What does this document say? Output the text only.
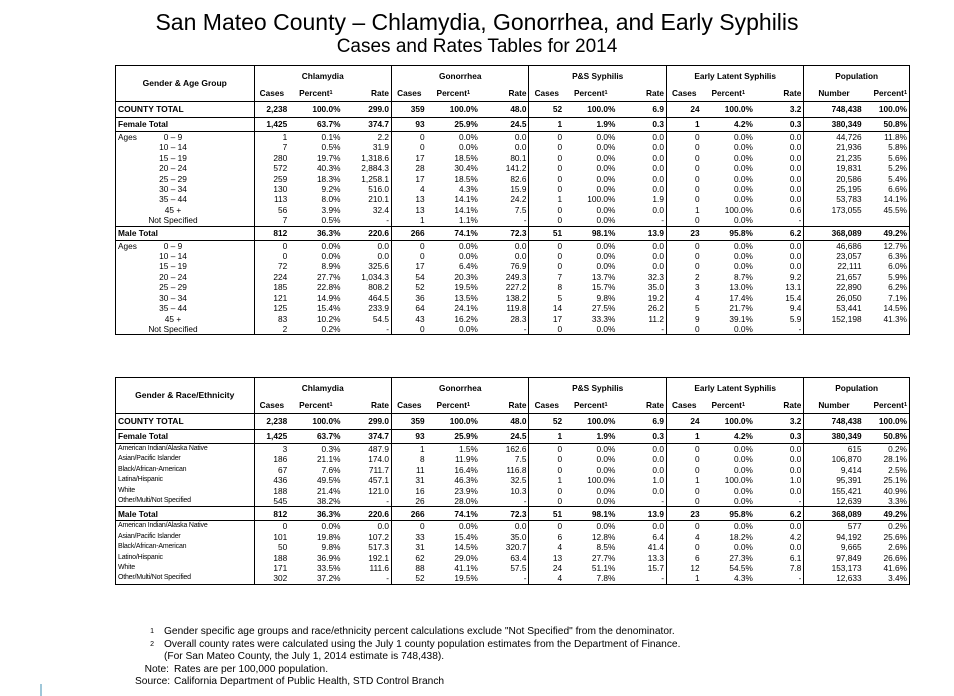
San Mateo County – Chlamydia, Gonorrhea, and Early Syphilis
Cases and Rates Tables for 2014
Gender & Age Group	Chlamydia			Gonorrhea			P&S Syphilis			Early Latent Syphilis			Population	
	Cases	Percent$^1$	Rate	Cases	Percent$^1$	Rate	Cases	Percent$^1$	Rate	Cases	Percent$^1$	Rate	Number	Percent$^1$
COUNTY TOTAL	2,238	100.0%	299.0	359	100.0%	48.0	52	100.0%	6.9	24	100.0%	3.2	748,438	100.0%
Female Total	1,425	63.7%	374.7	93	25.9%	24.5	1	1.9%	0.3	1	4.2%	0.3	380,349	50.8%
Ages 0 – 9	1	0.1%	2.2	0	0.0%	0.0	0	0.0%	0.0	0	0.0%	0.0	44,726	11.8%
10 – 14	7	0.5%	31.9	0	0.0%	0.0	0	0.0%	0.0	0	0.0%	0.0	21,936	5.8%
15 – 19	280	19.7%	1,318.6	17	18.5%	80.1	0	0.0%	0.0	0	0.0%	0.0	21,235	5.6%
20 – 24	572	40.3%	2,884.3	28	30.4%	141.2	0	0.0%	0.0	0	0.0%	0.0	19,831	5.2%
25 – 29	259	18.3%	1,258.1	17	18.5%	82.6	0	0.0%	0.0	0	0.0%	0.0	20,586	5.4%
30 – 34	130	9.2%	516.0	4	4.3%	15.9	0	0.0%	0.0	0	0.0%	0.0	25,195	6.6%
35 – 44	113	8.0%	210.1	13	14.1%	24.2	1	100.0%	1.9	0	0.0%	0.0	53,783	14.1%
45 +	56	3.9%	32.4	13	14.1%	7.5	0	0.0%	0.0	1	100.0%	0.6	173,055	45.5%
Not Specified	7	0.5%	-	1	1.1%	-	0	0.0%	-	0	0.0%	-		
Male Total	812	36.3%	220.6	266	74.1%	72.3	51	98.1%	13.9	23	95.8%	6.2	368,089	49.2%
Ages 0 – 9	0	0.0%	0.0	0	0.0%	0.0	0	0.0%	0.0	0	0.0%	0.0	46,686	12.7%
10 – 14	0	0.0%	0.0	0	0.0%	0.0	0	0.0%	0.0	0	0.0%	0.0	23,057	6.3%
15 – 19	72	8.9%	325.6	17	6.4%	76.9	0	0.0%	0.0	0	0.0%	0.0	22,111	6.0%
20 – 24	224	27.7%	1,034.3	54	20.3%	249.3	7	13.7%	32.3	2	8.7%	9.2	21,657	5.9%
25 – 29	185	22.8%	808.2	52	19.5%	227.2	8	15.7%	35.0	3	13.0%	13.1	22,890	6.2%
30 – 34	121	14.9%	464.5	36	13.5%	138.2	5	9.8%	19.2	4	17.4%	15.4	26,050	7.1%
35 – 44	125	15.4%	233.9	64	24.1%	119.8	14	27.5%	26.2	5	21.7%	9.4	53,441	14.5%
45 +	83	10.2%	54.5	43	16.2%	28.3	17	33.3%	11.2	9	39.1%	5.9	152,198	41.3%
Not Specified	2	0.2%	-	0	0.0%	-	0	0.0%	-	0	0.0%	-		
Gender & Race/Ethnicity	Chlamydia			Gonorrhea			P&S Syphilis			Early Latent Syphilis			Population	
	Cases	Percent$^1$	Rate	Cases	Percent$^1$	Rate	Cases	Percent$^1$	Rate	Cases	Percent$^1$	Rate	Number	Percent$^1$
COUNTY TOTAL	2,238	100.0%	299.0	359	100.0%	48.0	52	100.0%	6.9	24	100.0%	3.2	748,438	100.0%
Female Total	1,425	63.7%	374.7	93	25.9%	24.5	1	1.9%	0.3	1	4.2%	0.3	380,349	50.8%
American Indian/Alaska Native	3	0.3%	487.9	1	1.5%	162.6	0	0.0%	0.0	0	0.0%	0.0	615	0.2%
Asian/Pacific Islander	186	21.1%	174.0	8	11.9%	7.5	0	0.0%	0.0	0	0.0%	0.0	106,870	28.1%
Black/African-American	67	7.6%	711.7	11	16.4%	116.8	0	0.0%	0.0	0	0.0%	0.0	9,414	2.5%
Latina/Hispanic	436	49.5%	457.1	31	46.3%	32.5	1	100.0%	1.0	1	100.0%	1.0	95,391	25.1%
White	188	21.4%	121.0	16	23.9%	10.3	0	0.0%	0.0	0	0.0%	0.0	155,421	40.9%
Other/Multi/Not Specified	545	38.2%	-	26	28.0%	-	0	0.0%	-	0	0.0%	-	12,639	3.3%
Male Total	812	36.3%	220.6	266	74.1%	72.3	51	98.1%	13.9	23	95.8%	6.2	368,089	49.2%
American Indian/Alaska Native	0	0.0%	0.0	0	0.0%	0.0	0	0.0%	0.0	0	0.0%	0.0	577	0.2%
Asian/Pacific Islander	101	19.8%	107.2	33	15.4%	35.0	6	12.8%	6.4	4	18.2%	4.2	94,192	25.6%
Black/African-American	50	9.8%	517.3	31	14.5%	320.7	4	8.5%	41.4	0	0.0%	0.0	9,665	2.6%
Latino/Hispanic	188	36.9%	192.1	62	29.0%	63.4	13	27.7%	13.3	6	27.3%	6.1	97,849	26.6%
White	171	33.5%	111.6	88	41.1%	57.5	24	51.1%	15.7	12	54.5%	7.8	153,173	41.6%
Other/Multi/Not Specified	302	37.2%	-	52	19.5%	-	4	7.8%	-	1	4.3%	-	12,633	3.4%
1 Gender specific age groups and race/ethnicity percent calculations exclude "Not Specified" from the denominator.
2 Overall county rates were calculated using the July 1 county population estimates from the Department of Finance.
(For San Mateo County, the July 1, 2014 estimate is 748,438).
Note: Rates are per 100,000 population.
Source: California Department of Public Health, STD Control Branch
